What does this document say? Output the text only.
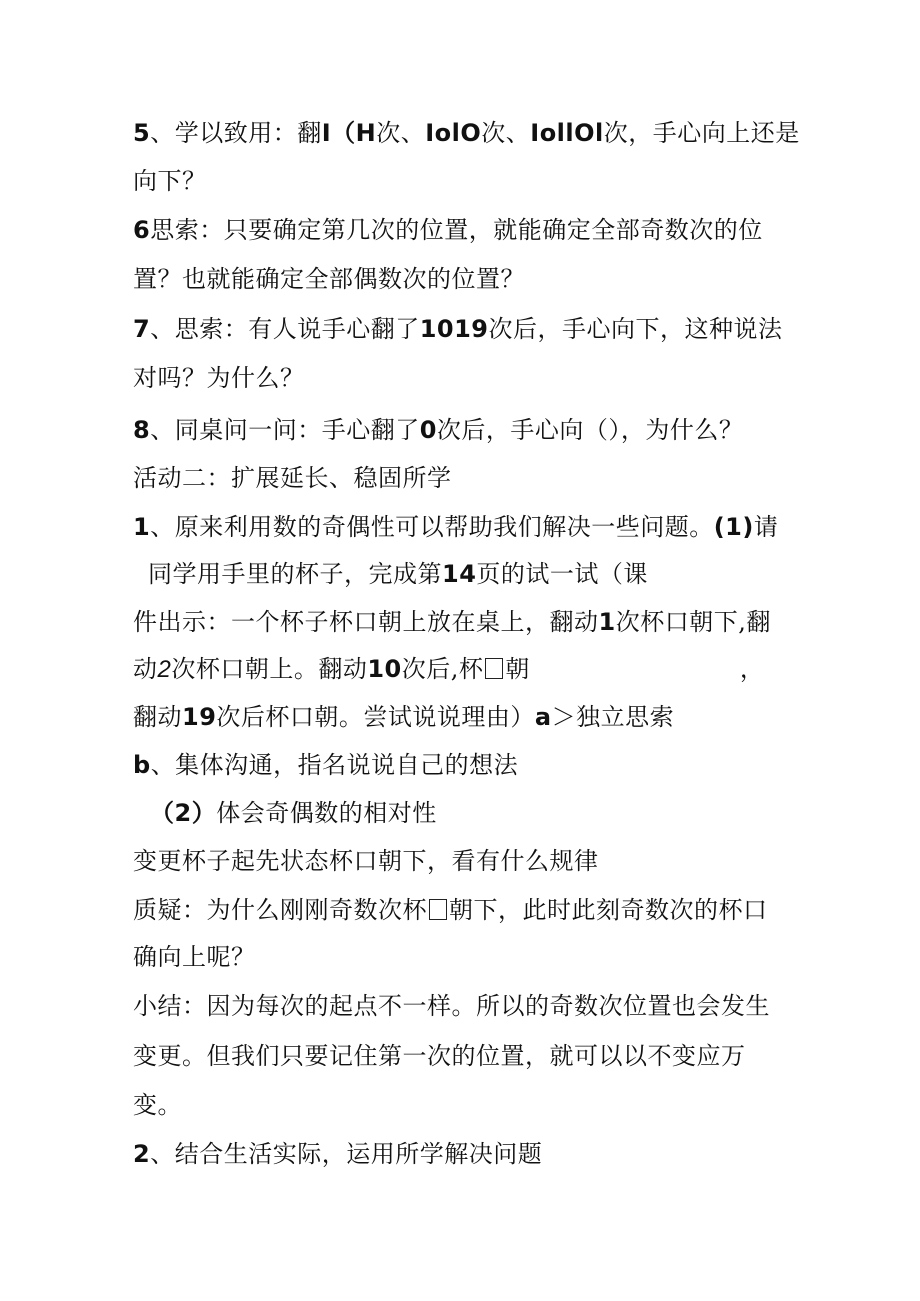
5、学以致用：翻I（H次、IolO次、IollOl次，手心向上还是
向下？
6思索：只要确定第几次的位置，就能确定全部奇数次的位
置？也就能确定全部偶数次的位置？
7、思索：有人说手心翻了1019次后，手心向下，这种说法
对吗？为什么？
8、同桌问一问：手心翻了0次后，手心向（），为什么？
活动二：扩展延长、稳固所学
1、原来利用数的奇偶性可以帮助我们解决一些问题。(1)请
同学用手里的杯子，完成第14页的试一试（课
件出示：一个杯子杯口朝上放在桌上，翻动1次杯口朝下,翻
动2次杯口朝上。翻动10次后,杯 朝	，
翻动19次后杯口朝。尝试说说理由）a＞独立思索
b、集体沟通，指名说说自己的想法
（2）体会奇偶数的相对性
变更杯子起先状态杯口朝下，看有什么规律
质疑：为什么刚刚奇数次杯 朝下，此时此刻奇数次的杯口
确向上呢？
小结：因为每次的起点不一样。所以的奇数次位置也会发生
变更。但我们只要记住第一次的位置，就可以以不变应万
变。
2、结合生活实际，运用所学解决问题
